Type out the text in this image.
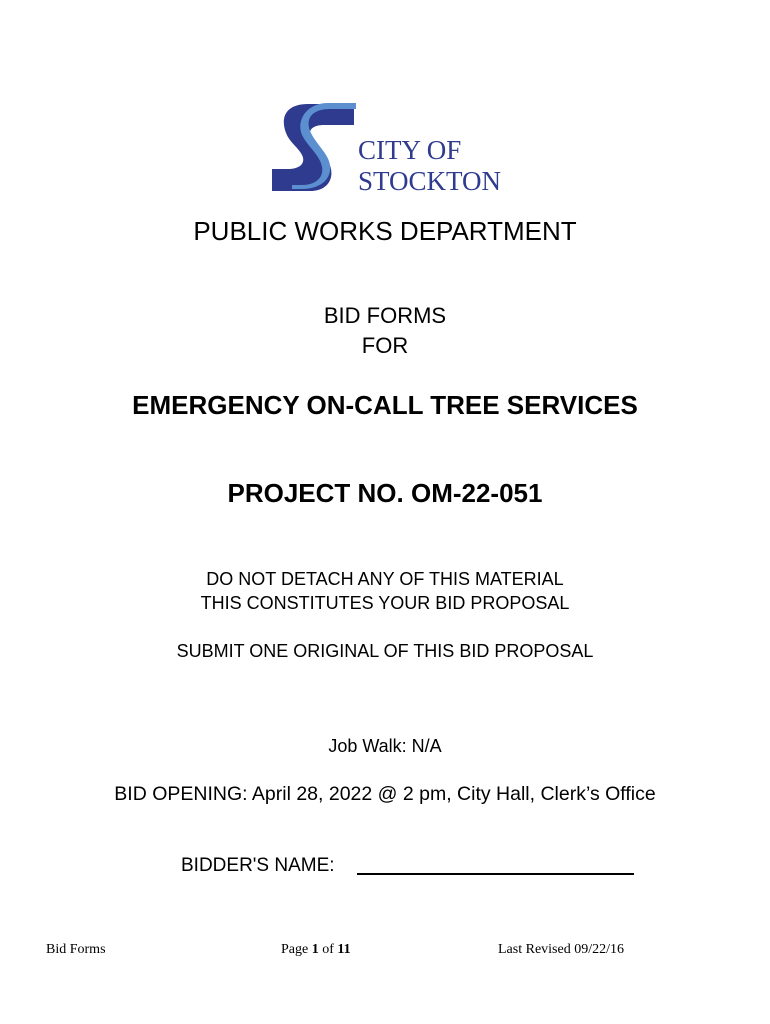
CITY OF
STOCKTON
PUBLIC WORKS DEPARTMENT
BID FORMS
FOR
EMERGENCY ON-CALL TREE SERVICES
PROJECT NO. OM-22-051
DO NOT DETACH ANY OF THIS MATERIAL
THIS CONSTITUTES YOUR BID PROPOSAL
SUBMIT ONE ORIGINAL OF THIS BID PROPOSAL
Job Walk: N/A
BID OPENING: April 28, 2022 @ 2 pm, City Hall, Clerk’s Office
BIDDER'S NAME:
Bid Forms	Page 1 of 11	Last Revised 09/22/16
